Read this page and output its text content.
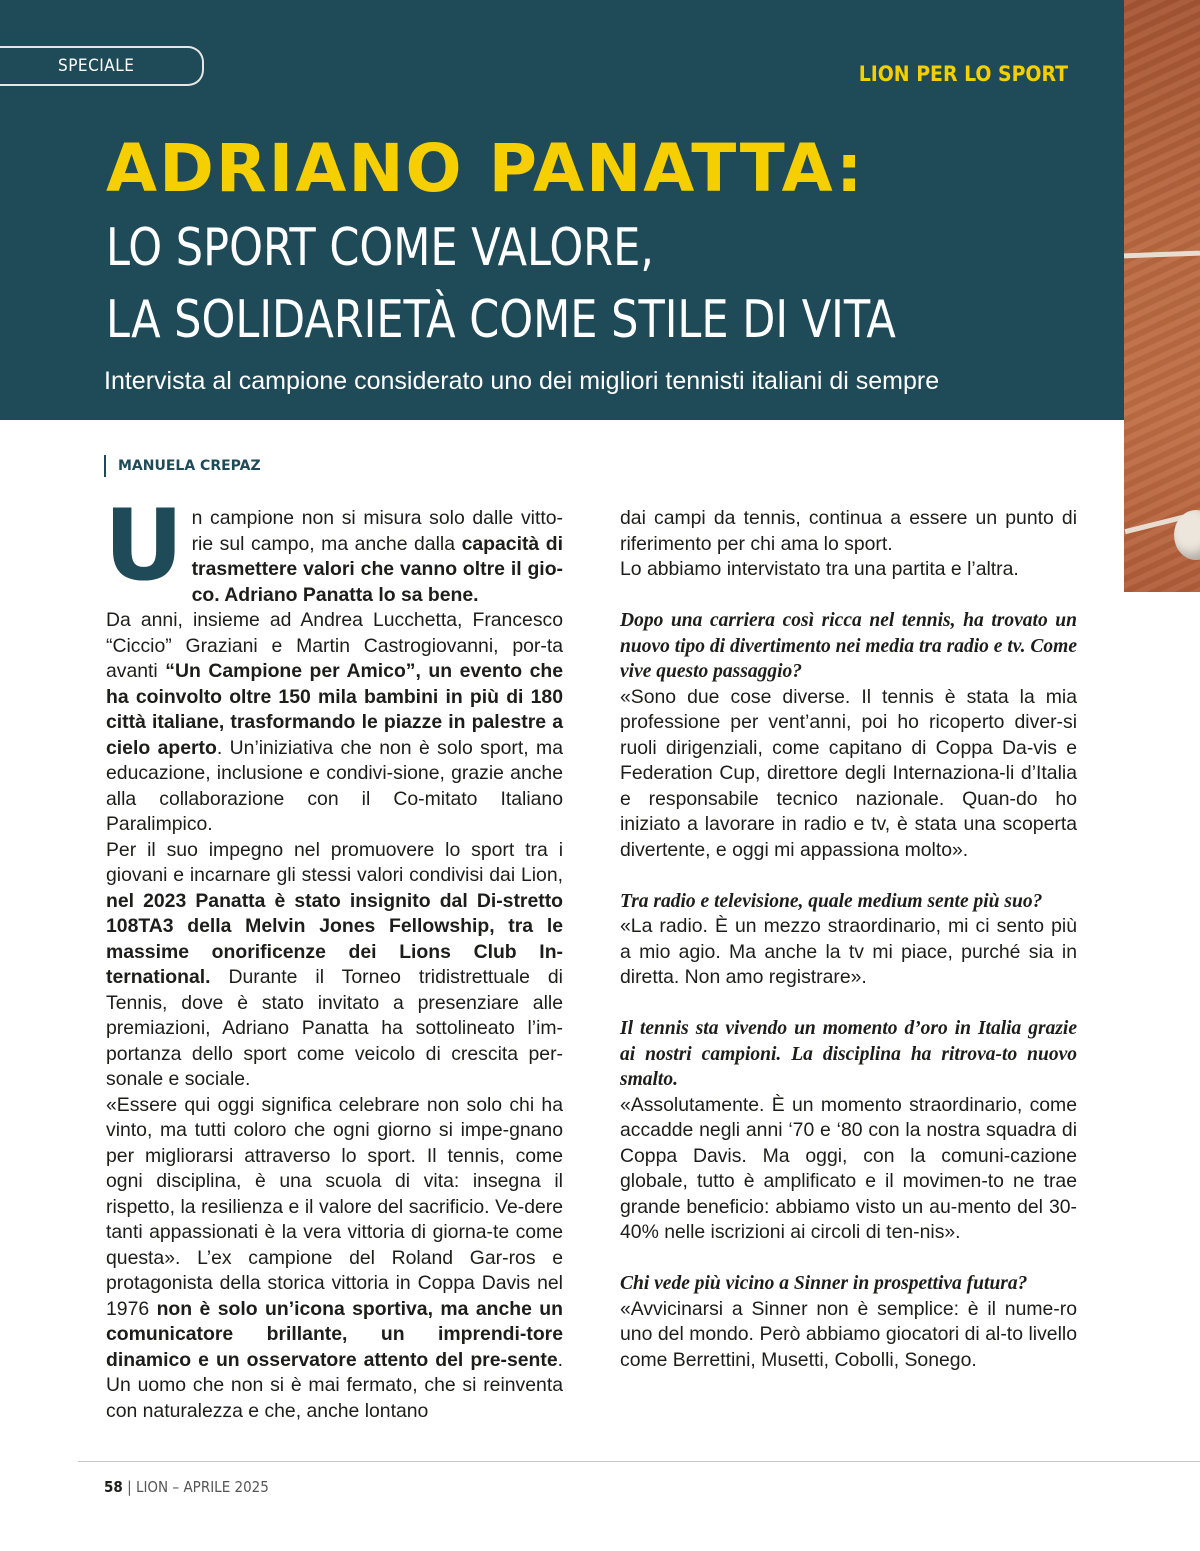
SPECIALE	LION PER LO SPORT
ADRIANO PANATTA:
LO SPORT COME VALORE,
LA SOLIDARIETÀ COME STILE DI VITA

Intervista al campione considerato uno dei migliori tennisti italiani di sempre

MANUELA CREPAZ

Un campione non si misura solo dalle vitto-rie sul campo, ma anche dalla capacità di trasmettere valori che vanno oltre il gio-co. Adriano Panatta lo sa bene.

Da anni, insieme ad Andrea Lucchetta, Francesco “Ciccio” Graziani e Martin Castrogiovanni, por-ta avanti “Un Campione per Amico”, un evento che ha coinvolto oltre 150 mila bambini in più di 180 città italiane, trasformando le piazze in palestre a cielo aperto. Un’iniziativa che non è solo sport, ma educazione, inclusione e condivi-sione, grazie anche alla collaborazione con il Co-mitato Italiano Paralimpico.

Per il suo impegno nel promuovere lo sport tra i giovani e incarnare gli stessi valori condivisi dai Lion, nel 2023 Panatta è stato insignito dal Di-stretto 108TA3 della Melvin Jones Fellowship, tra le massime onorificenze dei Lions Club In-ternational. Durante il Torneo tridistrettuale di Tennis, dove è stato invitato a presenziare alle premiazioni, Adriano Panatta ha sottolineato l’im-portanza dello sport come veicolo di crescita per-sonale e sociale.

«Essere qui oggi significa celebrare non solo chi ha vinto, ma tutti coloro che ogni giorno si impe-gnano per migliorarsi attraverso lo sport. Il tennis, come ogni disciplina, è una scuola di vita: insegna il rispetto, la resilienza e il valore del sacrificio. Ve-dere tanti appassionati è la vera vittoria di giorna-te come questa». L’ex campione del Roland Gar-ros e protagonista della storica vittoria in Coppa Davis nel 1976 non è solo un’icona sportiva, ma anche un comunicatore brillante, un imprendi-tore dinamico e un osservatore attento del pre-sente. Un uomo che non si è mai fermato, che si reinventa con naturalezza e che, anche lontano

dai campi da tennis, continua a essere un punto di riferimento per chi ama lo sport.

Lo abbiamo intervistato tra una partita e l’altra.

Dopo una carriera così ricca nel tennis, ha trovato un nuovo tipo di divertimento nei media tra radio e tv. Come vive questo passaggio?

«Sono due cose diverse. Il tennis è stata la mia professione per vent’anni, poi ho ricoperto diver-si ruoli dirigenziali, come capitano di Coppa Da-vis e Federation Cup, direttore degli Internaziona-li d’Italia e responsabile tecnico nazionale. Quan-do ho iniziato a lavorare in radio e tv, è stata una scoperta divertente, e oggi mi appassiona molto».

Tra radio e televisione, quale medium sente più suo?

«La radio. È un mezzo straordinario, mi ci sento più a mio agio. Ma anche la tv mi piace, purché sia in diretta. Non amo registrare».

Il tennis sta vivendo un momento d’oro in Italia grazie ai nostri campioni. La disciplina ha ritrova-to nuovo smalto.

«Assolutamente. È un momento straordinario, come accadde negli anni ‘70 e ‘80 con la nostra squadra di Coppa Davis. Ma oggi, con la comuni-cazione globale, tutto è amplificato e il movimen-to ne trae grande beneficio: abbiamo visto un au-mento del 30-40% nelle iscrizioni ai circoli di ten-nis».

Chi vede più vicino a Sinner in prospettiva futura?

«Avvicinarsi a Sinner non è semplice: è il nume-ro uno del mondo. Però abbiamo giocatori di al-to livello come Berrettini, Musetti, Cobolli, Sonego.

58 | LION – APRILE 2025
